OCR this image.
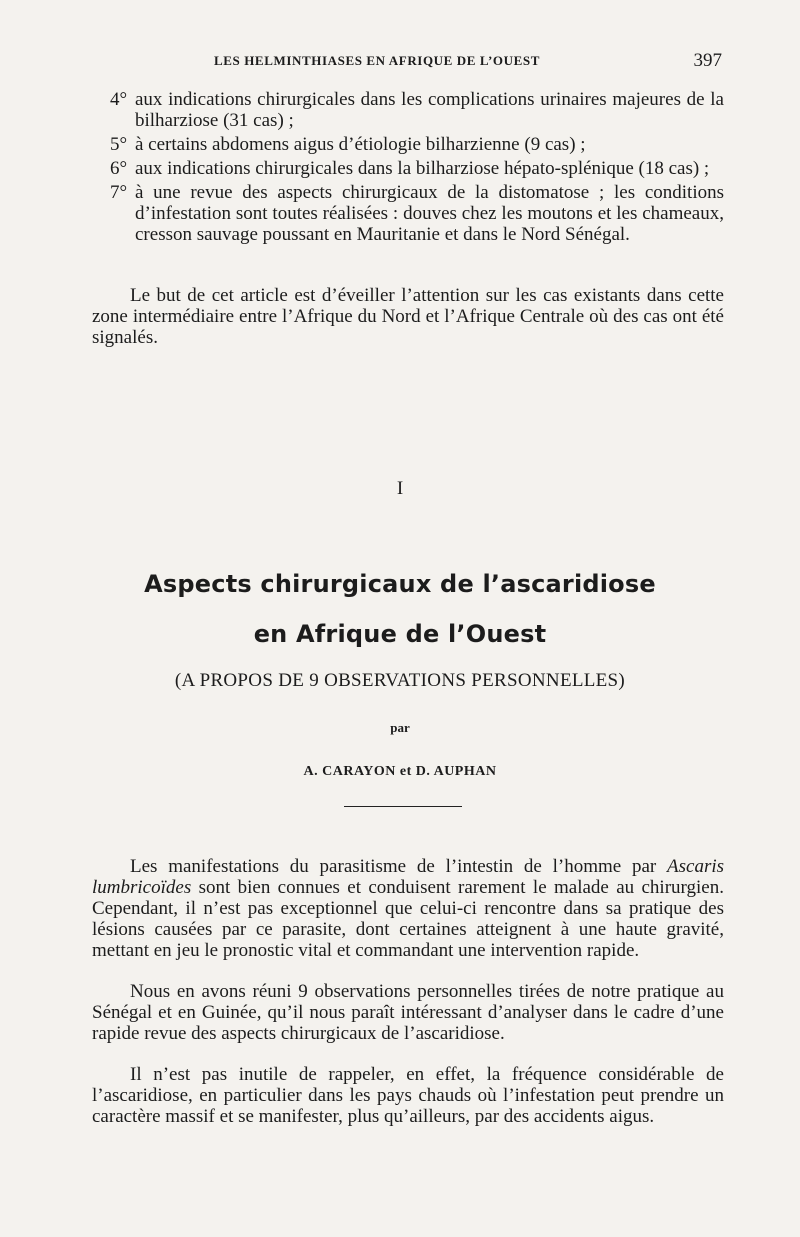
LES HELMINTHIASES EN AFRIQUE DE L’OUEST	397
4° aux indications chirurgicales dans les complications urinaires majeures de la bilharziose (31 cas) ;
5° à certains abdomens aigus d’étiologie bilharzienne (9 cas) ;
6° aux indications chirurgicales dans la bilharziose hépato-splénique (18 cas) ;
7° à une revue des aspects chirurgicaux de la distomatose ; les conditions d’infestation sont toutes réalisées : douves chez les moutons et les chameaux, cresson sauvage poussant en Mauritanie et dans le Nord Sénégal.

Le but de cet article est d’éveiller l’attention sur les cas existants dans cette zone intermédiaire entre l’Afrique du Nord et l’Afrique Centrale où des cas ont été signalés.

I
Aspects chirurgicaux de l’ascaridiose
en Afrique de l’Ouest
(A PROPOS DE 9 OBSERVATIONS PERSONNELLES)
par
A. CARAYON et D. AUPHAN

Les manifestations du parasitisme de l’intestin de l’homme par Ascaris lumbricoïdes sont bien connues et conduisent rarement le malade au chirurgien. Cependant, il n’est pas exceptionnel que celui-ci rencontre dans sa pratique des lésions causées par ce parasite, dont certaines atteignent à une haute gravité, mettant en jeu le pronostic vital et commandant une intervention rapide.

Nous en avons réuni 9 observations personnelles tirées de notre pratique au Sénégal et en Guinée, qu’il nous paraît intéressant d’analyser dans le cadre d’une rapide revue des aspects chirurgicaux de l’ascaridiose.

Il n’est pas inutile de rappeler, en effet, la fréquence considérable de l’ascaridiose, en particulier dans les pays chauds où l’infestation peut prendre un caractère massif et se manifester, plus qu’ailleurs, par des accidents aigus.
